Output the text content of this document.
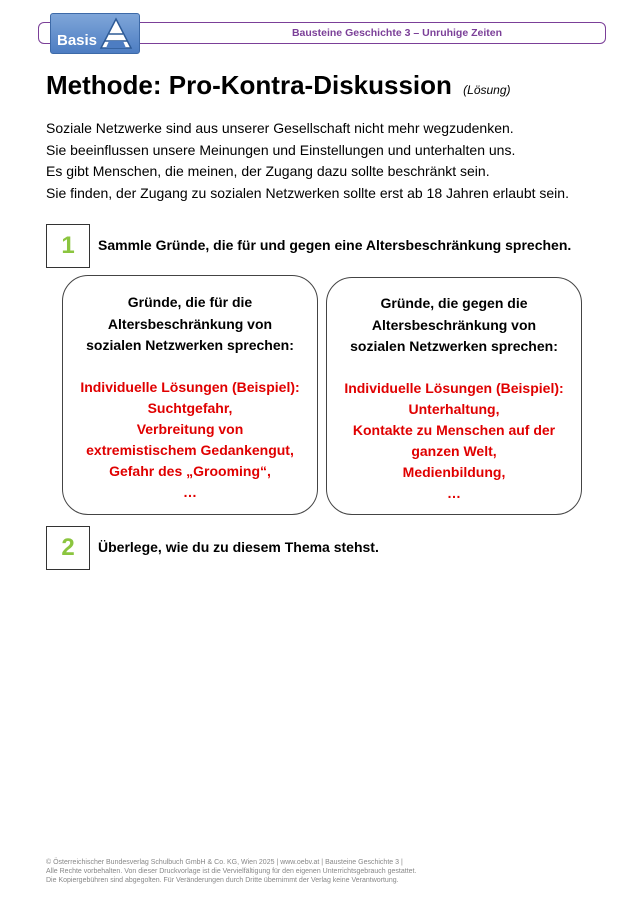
Bausteine Geschichte 3 – Unruhige Zeiten
Basis
Methode: Pro-Kontra-Diskussion (Lösung)
Soziale Netzwerke sind aus unserer Gesellschaft nicht mehr wegzudenken.
Sie beeinflussen unsere Meinungen und Einstellungen und unterhalten uns.
Es gibt Menschen, die meinen, der Zugang dazu sollte beschränkt sein.
Sie finden, der Zugang zu sozialen Netzwerken sollte erst ab 18 Jahren erlaubt sein.
1	Sammle Gründe, die für und gegen eine Altersbeschränkung sprechen.
Gründe, die für die
Altersbeschränkung von
sozialen Netzwerken sprechen:
Individuelle Lösungen (Beispiel):
Suchtgefahr,
Verbreitung von
extremistischem Gedankengut,
Gefahr des „Grooming“,
…
Gründe, die gegen die
Altersbeschränkung von
sozialen Netzwerken sprechen:
Individuelle Lösungen (Beispiel):
Unterhaltung,
Kontakte zu Menschen auf der
ganzen Welt,
Medienbildung,
…
2	Überlege, wie du zu diesem Thema stehst.
© Österreichischer Bundesverlag Schulbuch GmbH & Co. KG, Wien 2025 | www.oebv.at | Bausteine Geschichte 3 |
Alle Rechte vorbehalten. Von dieser Druckvorlage ist die Vervielfältigung für den eigenen Unterrichtsgebrauch gestattet.
Die Kopiergebühren sind abgegolten. Für Veränderungen durch Dritte übernimmt der Verlag keine Verantwortung.
